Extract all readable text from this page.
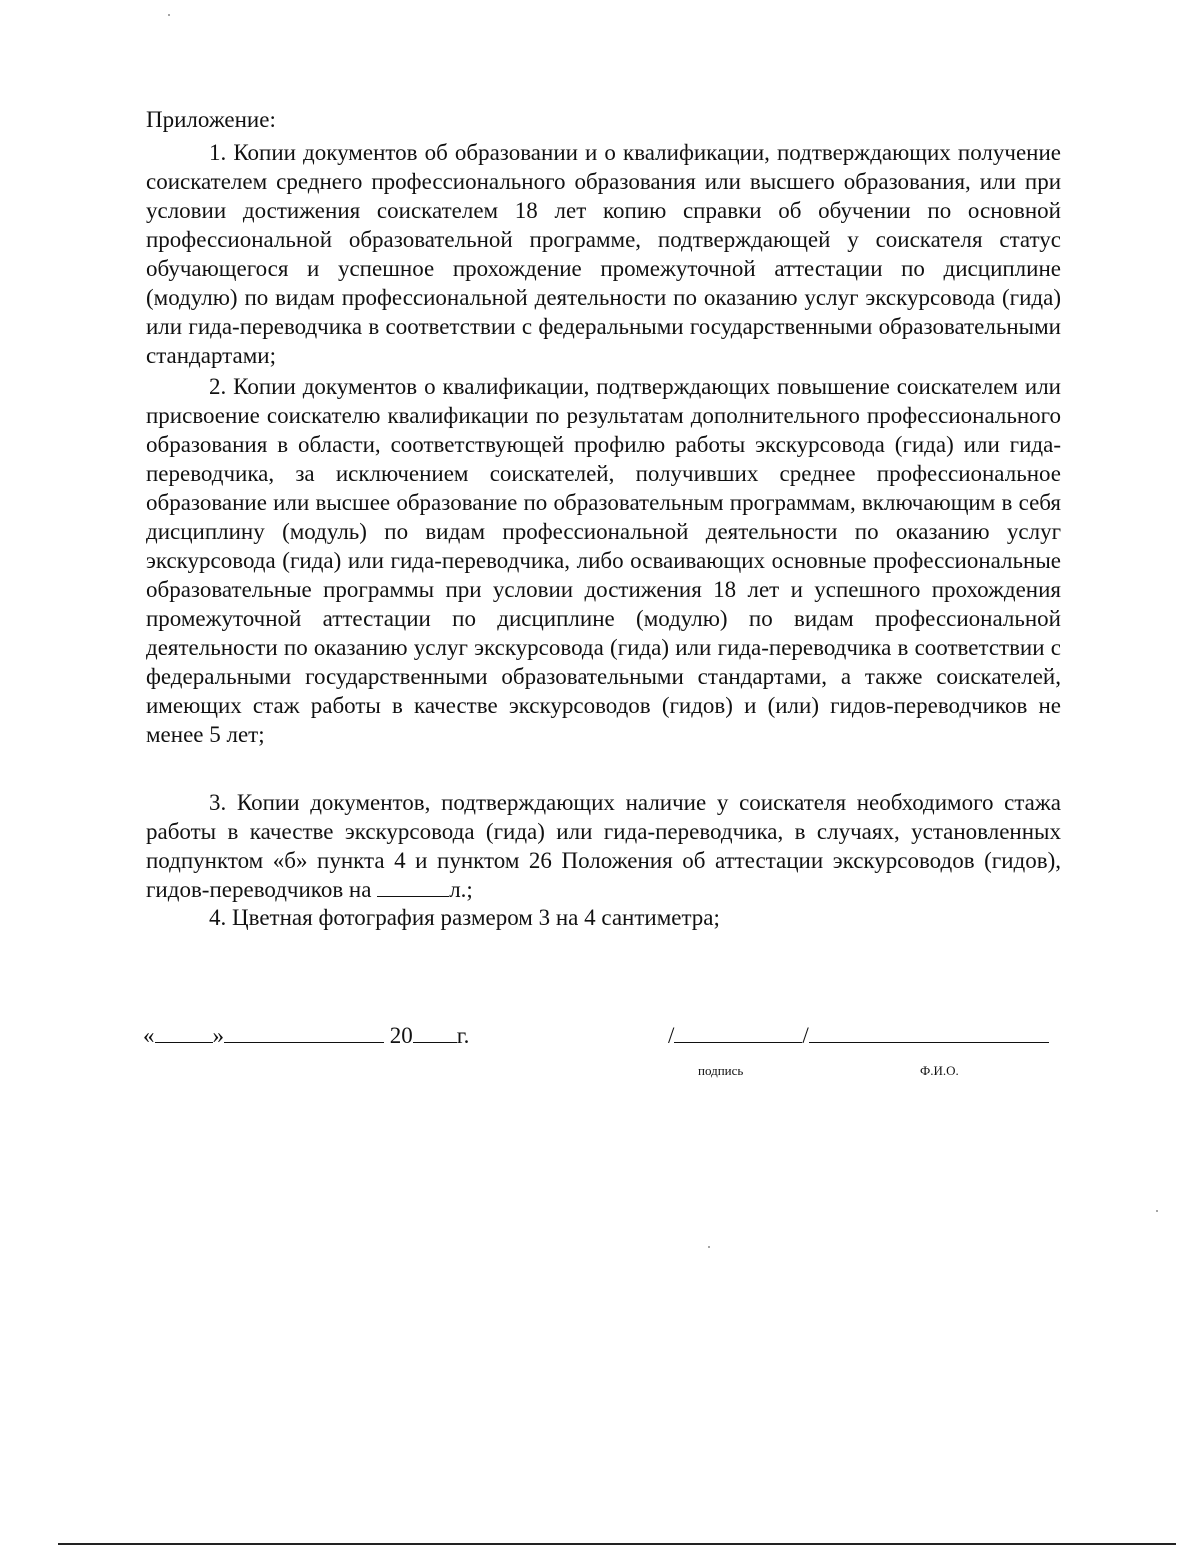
Приложение:

1. Копии документов об образовании и о квалификации, подтверждающих получение соискателем среднего профессионального образования или высшего образования, или при условии достижения соискателем 18 лет копию справки об обучении по основной профессиональной образовательной программе, подтверждающей у соискателя статус обучающегося и успешное прохождение промежуточной аттестации по дисциплине (модулю) по видам профессиональной деятельности по оказанию услуг экскурсовода (гида) или гида-переводчика в соответствии с федеральными государственными образовательными стандартами;

2. Копии документов о квалификации, подтверждающих повышение соискателем или присвоение соискателю квалификации по результатам дополнительного профессионального образования в области, соответствующей профилю работы экскурсовода (гида) или гида-переводчика, за исключением соискателей, получивших среднее профессиональное образование или высшее образование по образовательным программам, включающим в себя дисциплину (модуль) по видам профессиональной деятельности по оказанию услуг экскурсовода (гида) или гида-переводчика, либо осваивающих основные профессиональные образовательные программы при условии достижения 18 лет и успешного прохождения промежуточной аттестации по дисциплине (модулю) по видам профессиональной деятельности по оказанию услуг экскурсовода (гида) или гида-переводчика в соответствии с федеральными государственными образовательными стандартами, а также соискателей, имеющих стаж работы в качестве экскурсоводов (гидов) и (или) гидов-переводчиков не менее 5 лет;

3. Копии документов, подтверждающих наличие у соискателя необходимого стажа работы в качестве экскурсовода (гида) или гида-переводчика, в случаях, установленных подпунктом «б» пункта 4 и пунктом 26 Положения об аттестации экскурсоводов (гидов), гидов-переводчиков на	л.;

4. Цветная фотография размером 3 на 4 сантиметра;

«	»	20 г.	/	/
подпись	Ф.И.О.
